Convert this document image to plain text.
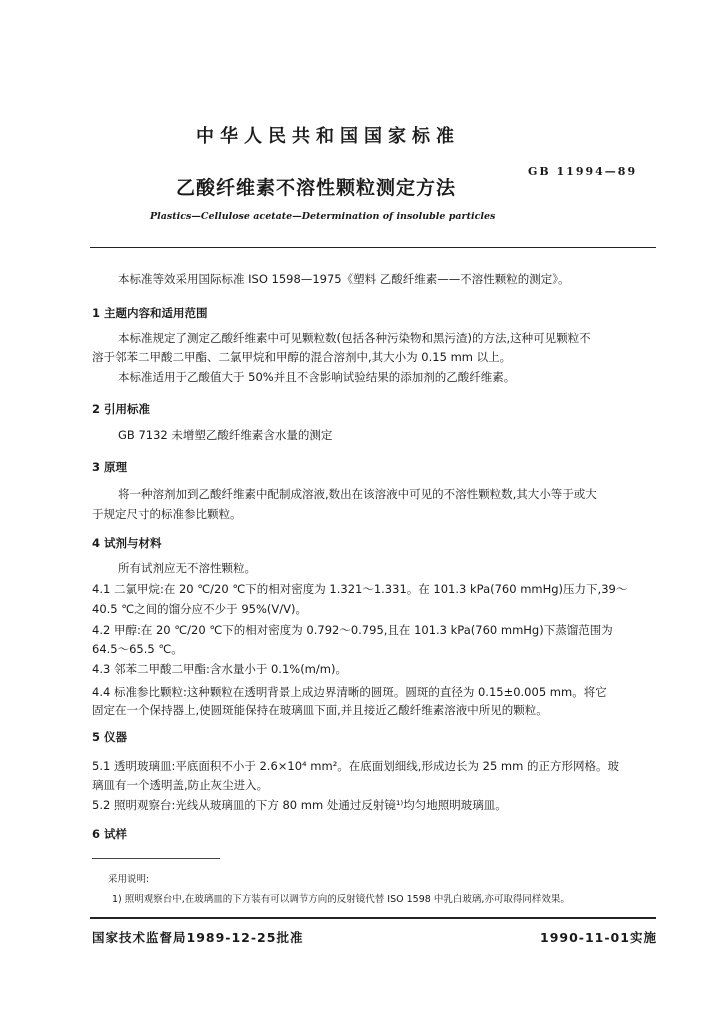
中华人民共和国国家标准
乙酸纤维素不溶性颗粒测定方法
GB 11994—89
Plastics—Cellulose acetate—Determination of insoluble particles
本标准等效采用国际标准 ISO 1598—1975《塑料 乙酸纤维素——不溶性颗粒的测定》。
1 主题内容和适用范围
本标准规定了测定乙酸纤维素中可见颗粒数(包括各种污染物和黑污渣)的方法,这种可见颗粒不
溶于邻苯二甲酸二甲酯、二氯甲烷和甲醇的混合溶剂中,其大小为 0.15 mm 以上。
本标准适用于乙酸值大于 50%并且不含影响试验结果的添加剂的乙酸纤维素。
2 引用标准
GB 7132 未增塑乙酸纤维素含水量的测定
3 原理
将一种溶剂加到乙酸纤维素中配制成溶液,数出在该溶液中可见的不溶性颗粒数,其大小等于或大
于规定尺寸的标准参比颗粒。
4 试剂与材料
所有试剂应无不溶性颗粒。
4.1 二氯甲烷:在 20 ℃/20 ℃下的相对密度为 1.321～1.331。在 101.3 kPa(760 mmHg)压力下,39～
40.5 ℃之间的馏分应不少于 95%(V/V)。
4.2 甲醇:在 20 ℃/20 ℃下的相对密度为 0.792～0.795,且在 101.3 kPa(760 mmHg)下蒸馏范围为
64.5～65.5 ℃。
4.3 邻苯二甲酸二甲酯:含水量小于 0.1%(m/m)。
4.4 标准参比颗粒:这种颗粒在透明背景上成边界清晰的圆斑。圆斑的直径为 0.15±0.005 mm。将它
固定在一个保持器上,使圆斑能保持在玻璃皿下面,并且接近乙酸纤维素溶液中所见的颗粒。
5 仪器
5.1 透明玻璃皿:平底面积不小于 2.6×10⁴ mm²。在底面划细线,形成边长为 25 mm 的正方形网格。玻
璃皿有一个透明盖,防止灰尘进入。
5.2 照明观察台:光线从玻璃皿的下方 80 mm 处通过反射镜¹⁾均匀地照明玻璃皿。
6 试样
采用说明:
1) 照明观察台中,在玻璃皿的下方装有可以调节方向的反射镜代替 ISO 1598 中乳白玻璃,亦可取得同样效果。
国家技术监督局1989-12-25批准	1990-11-01实施
